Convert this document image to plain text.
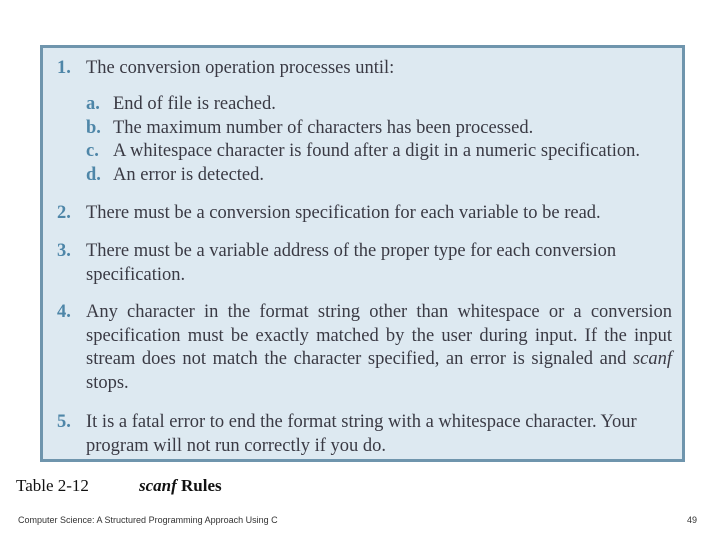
1. The conversion operation processes until:
a. End of file is reached.
b. The maximum number of characters has been processed.
c. A whitespace character is found after a digit in a numeric specification.
d. An error is detected.
2. There must be a conversion specification for each variable to be read.
3. There must be a variable address of the proper type for each conversion specification.
4. Any character in the format string other than whitespace or a conversion specification must be exactly matched by the user during input. If the input stream does not match the character specified, an error is signaled and scanf stops.
5. It is a fatal error to end the format string with a whitespace character. Your program will not run correctly if you do.
Table 2-12	scanf Rules
Computer Science: A Structured Programming Approach Using C	49
